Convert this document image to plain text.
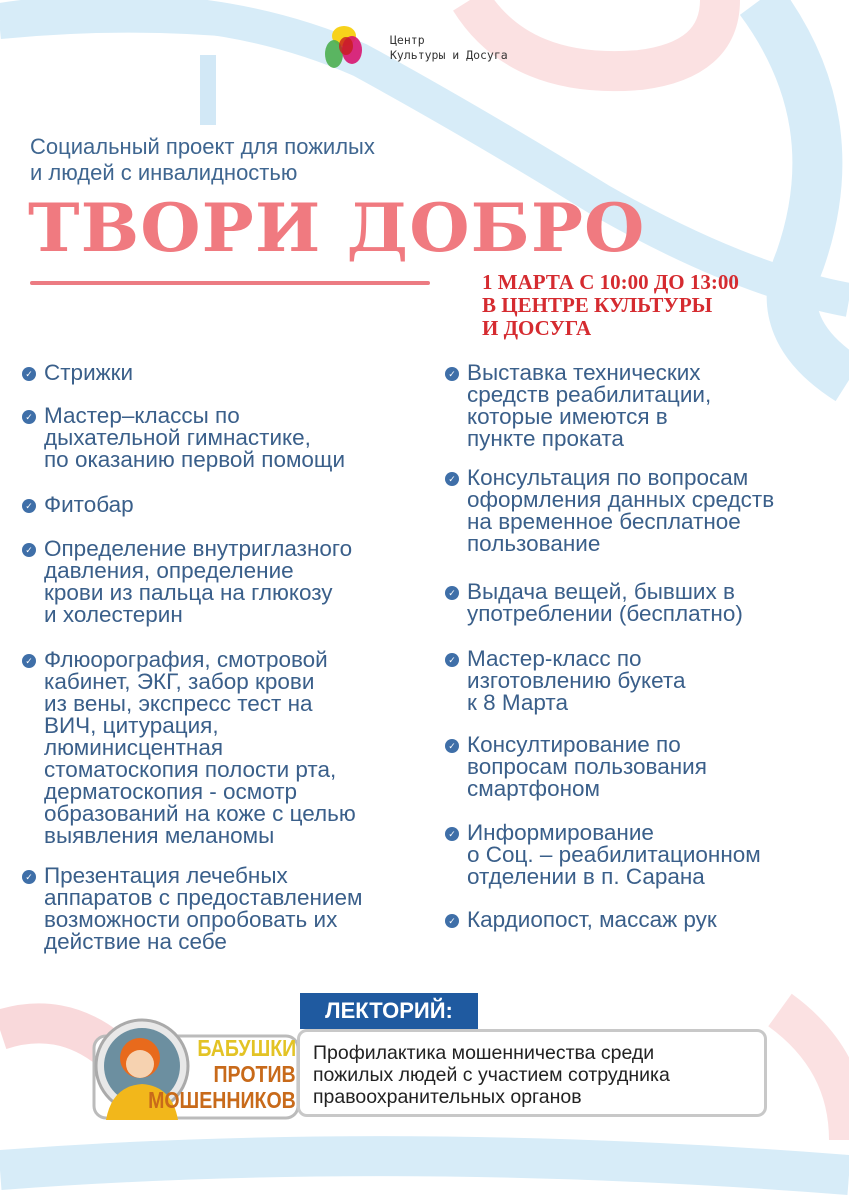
Центр
Культуры и Досуга
Социальный проект для пожилых
и людей с инвалидностью
ТВОРИ ДОБРО
1 МАРТА С 10:00 ДО 13:00
В ЦЕНТРЕ КУЛЬТУРЫ
И ДОСУГА
✓ Стрижки
✓ Мастер–классы по
дыхательной гимнастике,
по оказанию первой помощи
✓ Фитобар
✓ Определение внутриглазного
давления, определение
крови из пальца на глюкозу
и холестерин
✓ Флюорография, смотровой
кабинет, ЭКГ, забор крови
из вены, экспресс тест на
ВИЧ, цитурация,
люминисцентная
стоматоскопия полости рта,
дерматоскопия - осмотр
образований на коже с целью
выявления меланомы
✓ Презентация лечебных
аппаратов с предоставлением
возможности опробовать их
действие на себе
✓ Выставка технических
средств реабилитации,
которые имеются в
пункте проката
✓ Консультация по вопросам
оформления данных средств
на временное бесплатное
пользование
✓ Выдача вещей, бывших в
употреблении (бесплатно)
✓ Мастер-класс по
изготовлению букета
к 8 Марта
✓ Консултирование по
вопросам пользования
смартфоном
✓ Информирование
о Соц. – реабилитационном
отделении в п. Сарана
✓ Кардиопост, массаж рук
БАБУШКИ
ПРОТИВ
МОШЕННИКОВ
ЛЕКТОРИЙ:
Профилактика мошенничества среди
пожилых людей с участием сотрудника
правоохранительных органов
